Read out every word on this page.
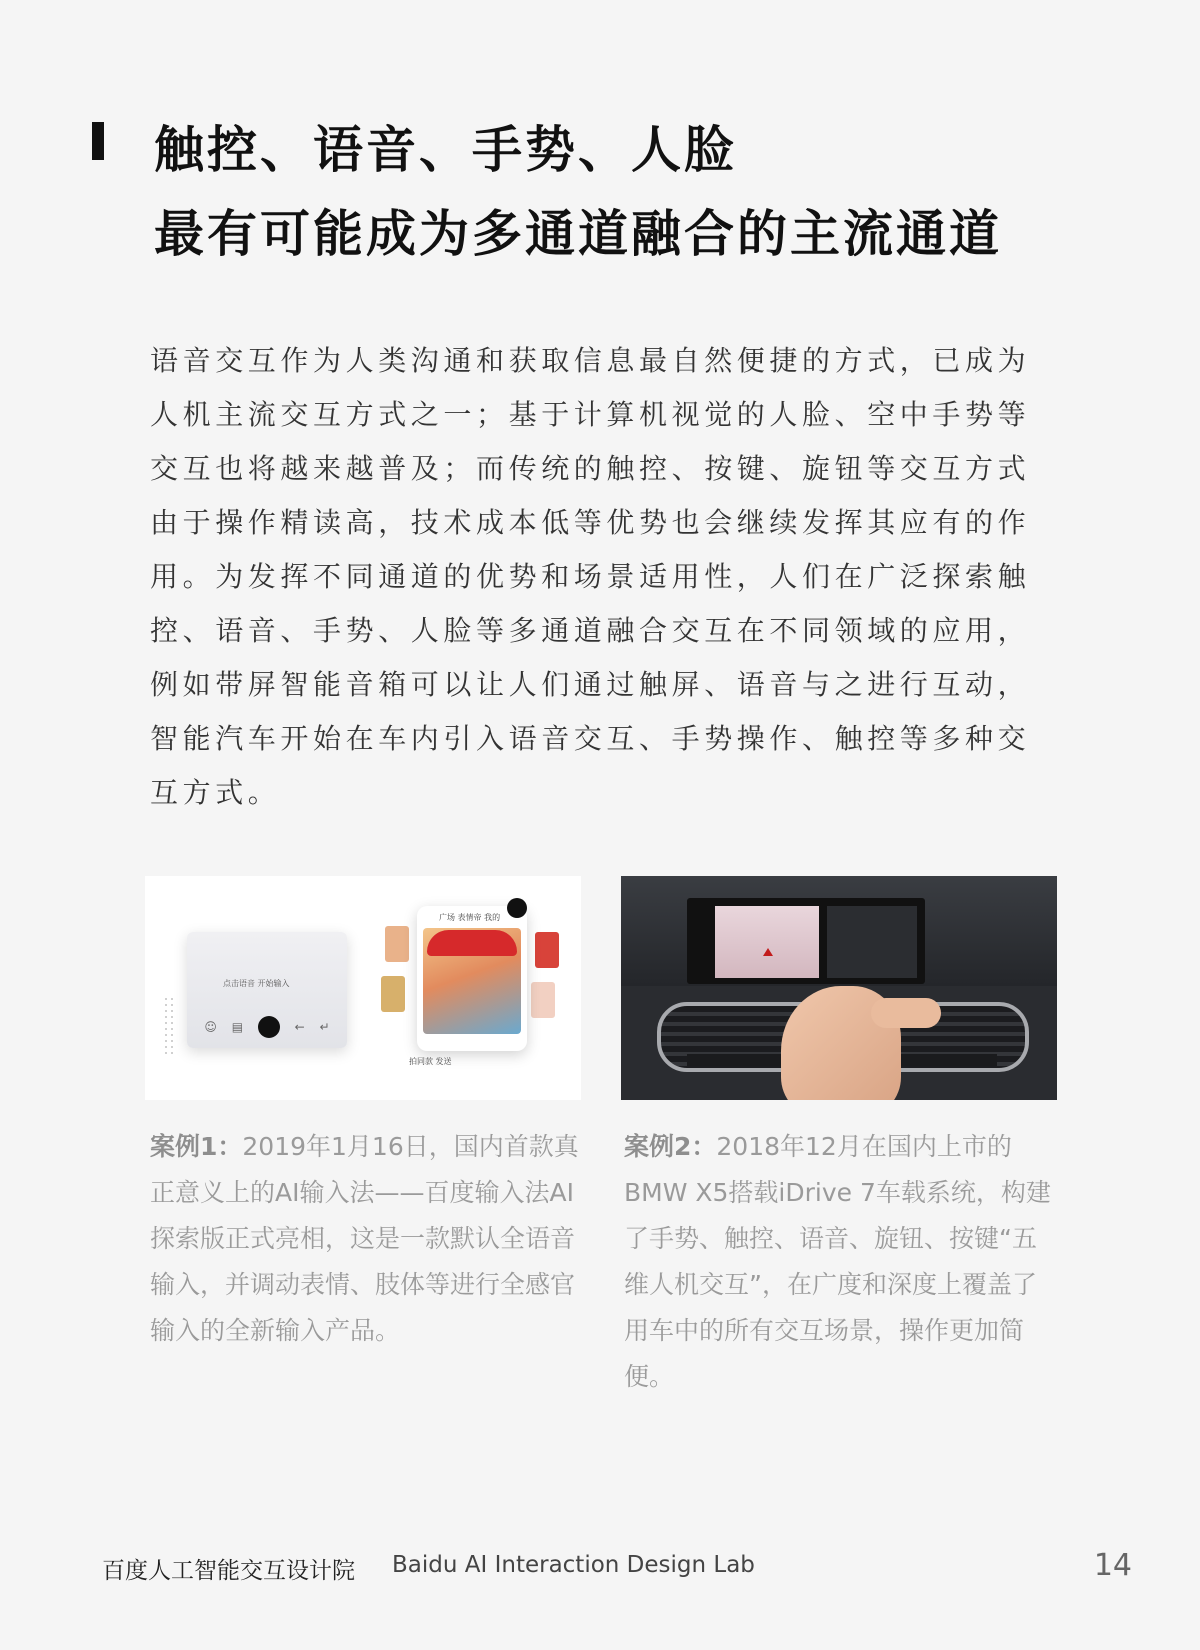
触控、语音、手势、人脸
最有可能成为多通道融合的主流通道

语音交互作为人类沟通和获取信息最自然便捷的方式，已成为人机主流交互方式之一；基于计算机视觉的人脸、空中手势等交互也将越来越普及；而传统的触控、按键、旋钮等交互方式由于操作精读高，技术成本低等优势也会继续发挥其应有的作用。为发挥不同通道的优势和场景适用性，人们在广泛探索触控、语音、手势、人脸等多通道融合交互在不同领域的应用，例如带屏智能音箱可以让人们通过触屏、语音与之进行互动，智能汽车开始在车内引入语音交互、手势操作、触控等多种交互方式。

点击语音 开始输入
☺ ▤	← ↵
广场 表情帝 我的
拍同款 发送

案例1：2019年1月16日，国内首款真正意义上的AI输入法——百度输入法AI探索版正式亮相，这是一款默认全语音输入，并调动表情、肢体等进行全感官输入的全新输入产品。

案例2：2018年12月在国内上市的BMW X5搭载iDrive 7车载系统，构建了手势、触控、语音、旋钮、按键“五维人机交互”，在广度和深度上覆盖了用车中的所有交互场景，操作更加简便。

百度人工智能交互设计院 Baidu AI Interaction Design Lab	14
